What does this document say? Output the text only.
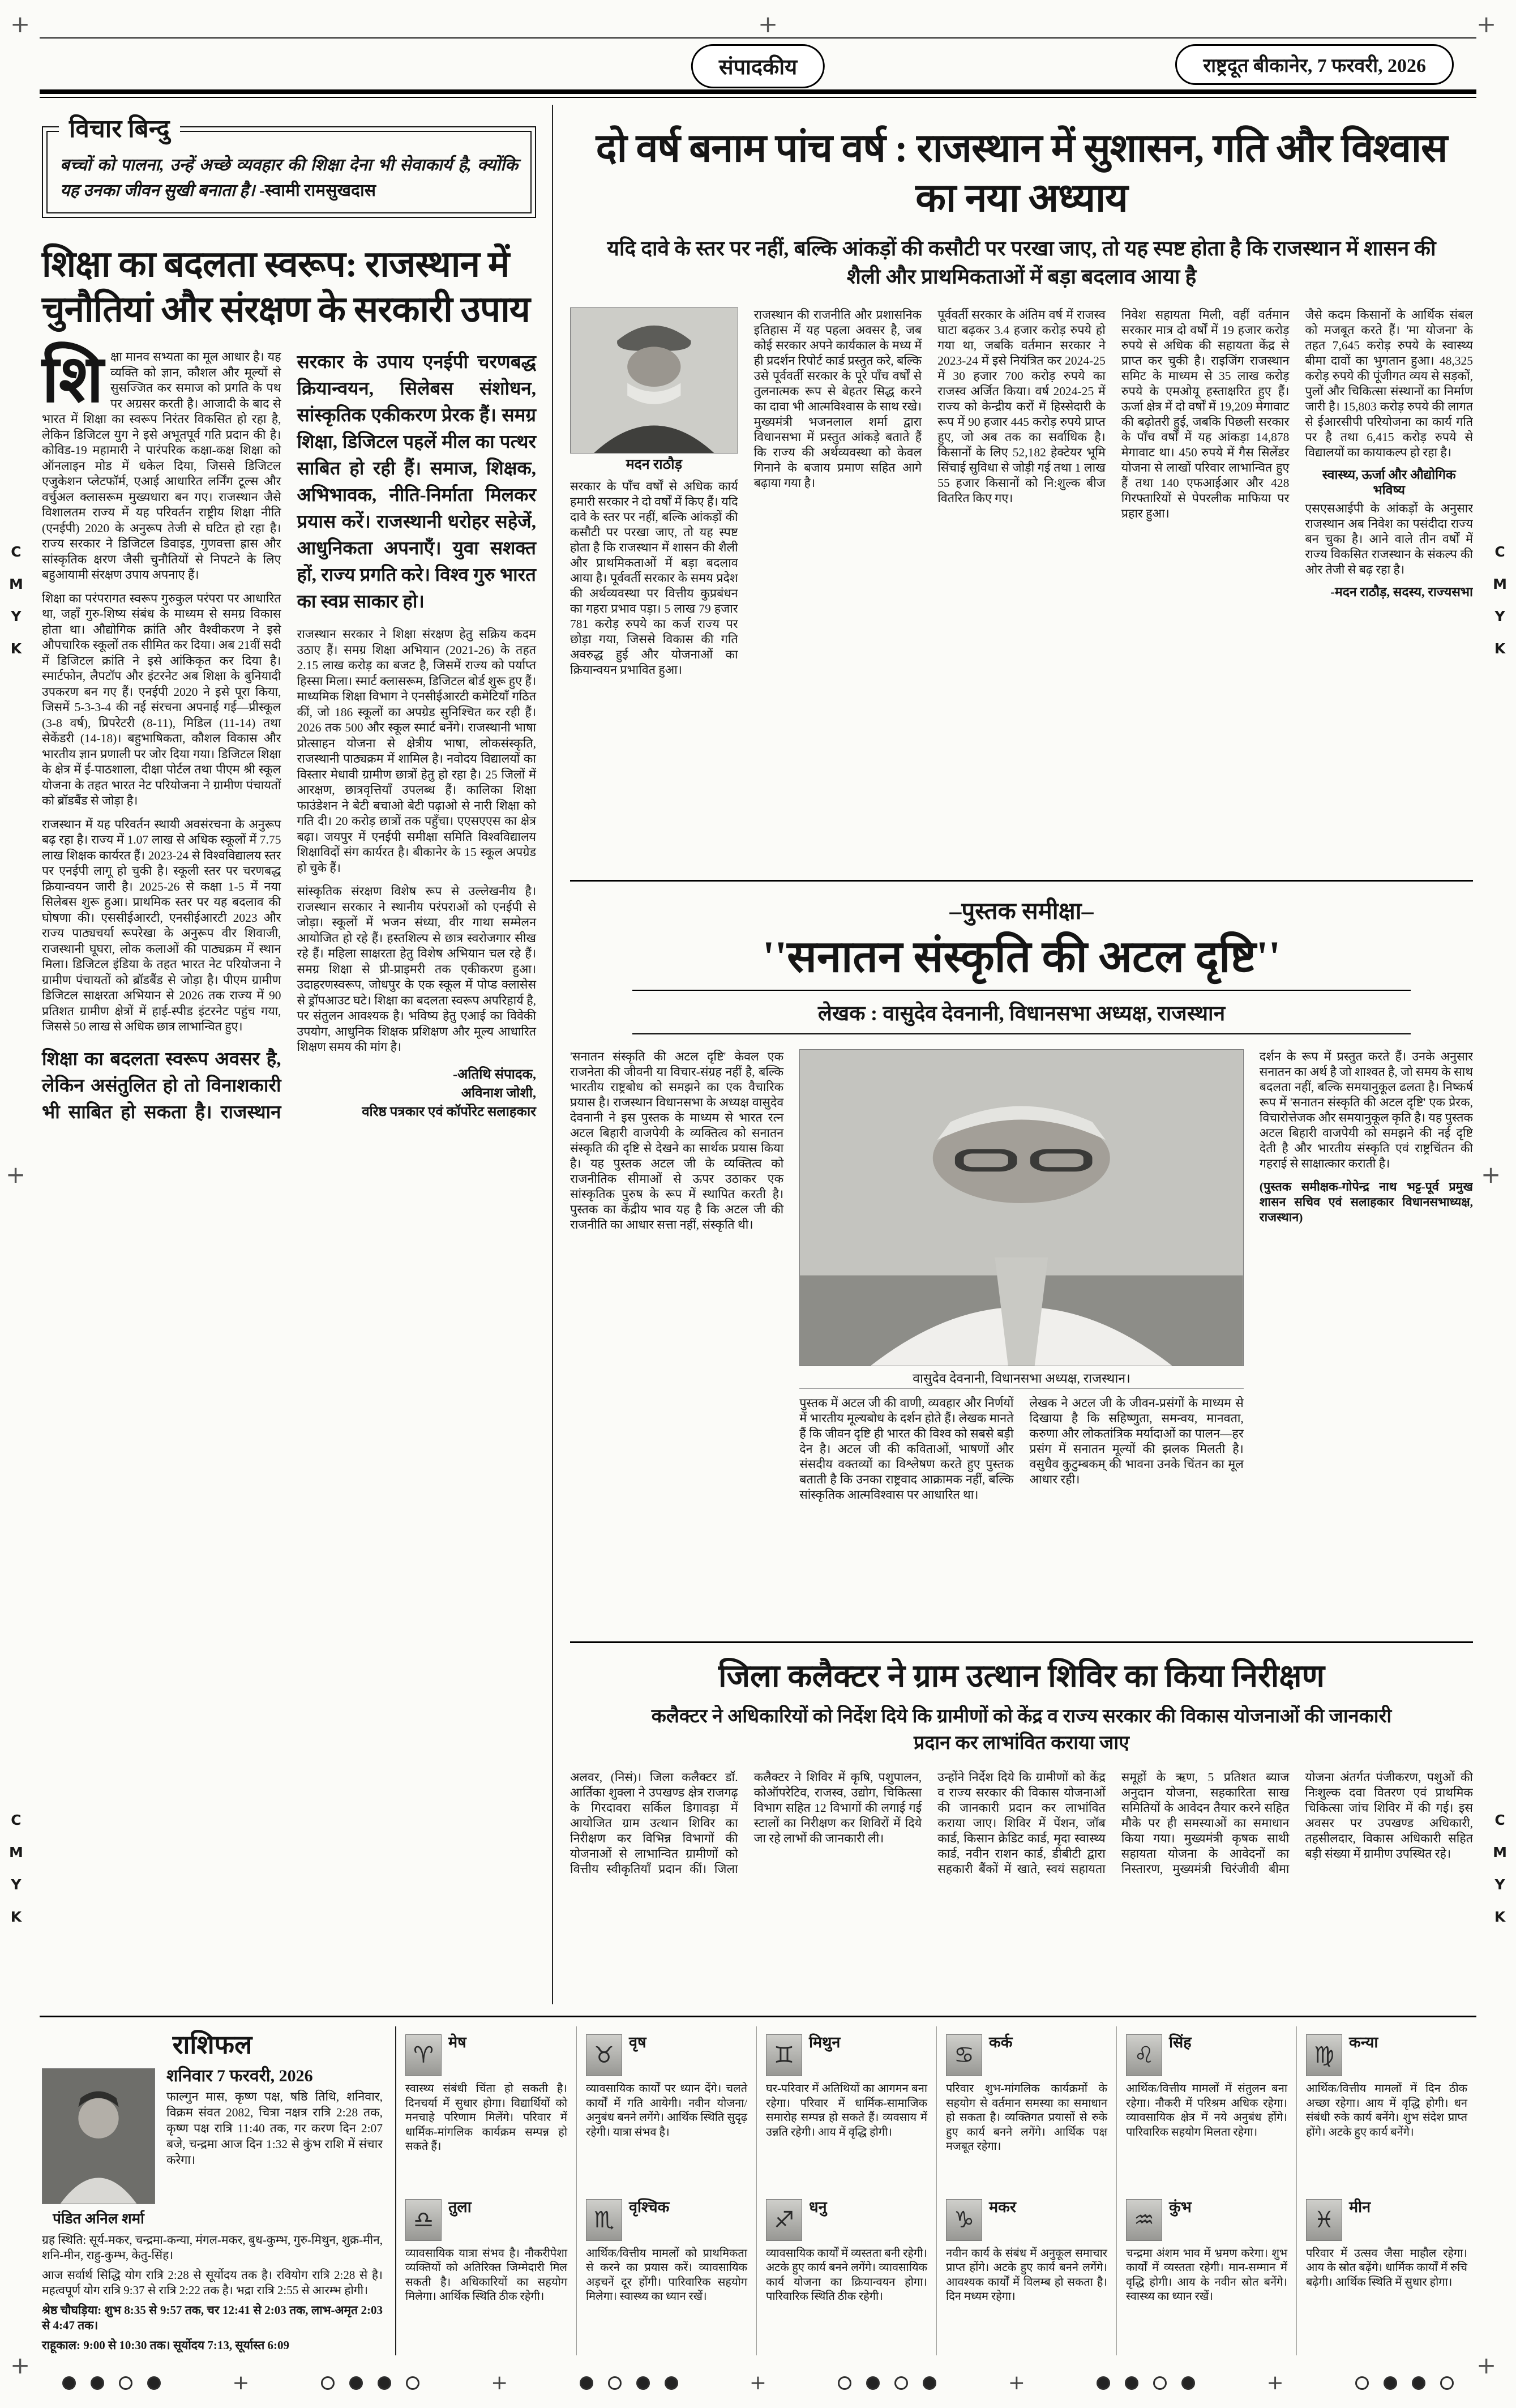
+
+
+
+
+
+
+
C
M
Y
K
C
M
Y
K
C
M
Y
K
C
M
Y
K
संपादकीय	राष्ट्रदूत बीकानेर, 7 फरवरी, 2026
विचार बिन्दु
बच्चों को पालना, उन्हें अच्छे व्यवहार की शिक्षा देना भी सेवाकार्य है, क्योंकि यह उनका जीवन सुखी बनाता है। -स्वामी रामसुखदास
शिक्षा का बदलता स्वरूप: राजस्थान में चुनौतियां और संरक्षण के सरकारी उपाय

शिक्षा मानव सभ्यता का मूल आधार है। यह व्यक्ति को ज्ञान, कौशल और मूल्यों से सुसज्जित कर समाज को प्रगति के पथ पर अग्रसर करती है। आजादी के बाद से भारत में शिक्षा का स्वरूप निरंतर विकसित हो रहा है, लेकिन डिजिटल युग ने इसे अभूतपूर्व गति प्रदान की है। कोविड-19 महामारी ने पारंपरिक कक्षा-कक्ष शिक्षा को ऑनलाइन मोड में धकेल दिया, जिससे डिजिटल एजुकेशन प्लेटफॉर्म, एआई आधारित लर्निंग टूल्स और वर्चुअल क्लासरूम मुख्यधारा बन गए। राजस्थान जैसे विशालतम राज्य में यह परिवर्तन राष्ट्रीय शिक्षा नीति (एनईपी) 2020 के अनुरूप तेजी से घटित हो रहा है। राज्य सरकार ने डिजिटल डिवाइड, गुणवत्ता ह्रास और सांस्कृतिक क्षरण जैसी चुनौतियों से निपटने के लिए बहुआयामी संरक्षण उपाय अपनाए हैं।

शिक्षा का परंपरागत स्वरूप गुरुकुल परंपरा पर आधारित था, जहाँ गुरु-शिष्य संबंध के माध्यम से समग्र विकास होता था। औद्योगिक क्रांति और वैश्वीकरण ने इसे औपचारिक स्कूलों तक सीमित कर दिया। अब 21वीं सदी में डिजिटल क्रांति ने इसे आंकिकृत कर दिया है। स्मार्टफोन, लैपटॉप और इंटरनेट अब शिक्षा के बुनियादी उपकरण बन गए हैं। एनईपी 2020 ने इसे पूरा किया, जिसमें 5-3-3-4 की नई संरचना अपनाई गई—प्रीस्कूल (3-8 वर्ष), प्रिपरेटरी (8-11), मिडिल (11-14) तथा सेकेंडरी (14-18)। बहुभाषिकता, कौशल विकास और भारतीय ज्ञान प्रणाली पर जोर दिया गया। डिजिटल शिक्षा के क्षेत्र में ई-पाठशाला, दीक्षा पोर्टल तथा पीएम श्री स्कूल योजना के तहत भारत नेट परियोजना ने ग्रामीण पंचायतों को ब्रॉडबैंड से जोड़ा है।

राजस्थान में यह परिवर्तन स्थायी अवसंरचना के अनुरूप बढ़ रहा है। राज्य में 1.07 लाख से अधिक स्कूलों में 7.75 लाख शिक्षक कार्यरत हैं। 2023-24 से विश्वविद्यालय स्तर पर एनईपी लागू हो चुकी है। स्कूली स्तर पर चरणबद्ध क्रियान्वयन जारी है। 2025-26 से कक्षा 1-5 में नया सिलेबस शुरू हुआ। प्राथमिक स्तर पर यह बदलाव की घोषणा की। एससीईआरटी, एनसीईआरटी 2023 और राज्य पाठ्यचर्या रूपरेखा के अनुरूप वीर शिवाजी, राजस्थानी घूघरा, लोक कलाओं की पाठ्यक्रम में स्थान मिला। डिजिटल इंडिया के तहत भारत नेट परियोजना ने ग्रामीण पंचायतों को ब्रॉडबैंड से जोड़ा है। पीएम ग्रामीण डिजिटल साक्षरता अभियान से 2026 तक राज्य में 90 प्रतिशत ग्रामीण क्षेत्रों में हाई-स्पीड इंटरनेट पहुंच गया, जिससे 50 लाख से अधिक छात्र लाभान्वित हुए।

शिक्षा का बदलता स्वरूप अवसर है, लेकिन असंतुलित हो तो विनाशकारी भी साबित हो सकता है। राजस्थान सरकार के उपाय एनईपी चरणबद्ध क्रियान्वयन, सिलेबस संशोधन, सांस्कृतिक एकीकरण प्रेरक हैं। समग्र शिक्षा, डिजिटल पहलें मील का पत्थर साबित हो रही हैं। समाज, शिक्षक, अभिभावक, नीति-निर्माता मिलकर प्रयास करें। राजस्थानी धरोहर सहेजें, आधुनिकता अपनाएँ। युवा सशक्त हों, राज्य प्रगति करे। विश्व गुरु भारत का स्वप्न साकार हो।

राजस्थान सरकार ने शिक्षा संरक्षण हेतु सक्रिय कदम उठाए हैं। समग्र शिक्षा अभियान (2021-26) के तहत 2.15 लाख करोड़ का बजट है, जिसमें राज्य को पर्याप्त हिस्सा मिला। स्मार्ट क्लासरूम, डिजिटल बोर्ड शुरू हुए हैं। माध्यमिक शिक्षा विभाग ने एनसीईआरटी कमेटियाँ गठित कीं, जो 186 स्कूलों का अपग्रेड सुनिश्चित कर रही हैं। 2026 तक 500 और स्कूल स्मार्ट बनेंगे। राजस्थानी भाषा प्रोत्साहन योजना से क्षेत्रीय भाषा, लोकसंस्कृति, राजस्थानी पाठ्यक्रम में शामिल है। नवोदय विद्यालयों का विस्तार मेधावी ग्रामीण छात्रों हेतु हो रहा है। 25 जिलों में आरक्षण, छात्रवृत्तियाँ उपलब्ध हैं। कालिका शिक्षा फाउंडेशन ने बेटी बचाओ बेटी पढ़ाओ से नारी शिक्षा को गति दी। 20 करोड़ छात्रों तक पहुँचा। एएसएएस का क्षेत्र बढ़ा। जयपुर में एनईपी समीक्षा समिति विश्वविद्यालय शिक्षाविदों संग कार्यरत है। बीकानेर के 15 स्कूल अपग्रेड हो चुके हैं।

सांस्कृतिक संरक्षण विशेष रूप से उल्लेखनीय है। राजस्थान सरकार ने स्थानीय परंपराओं को एनईपी से जोड़ा। स्कूलों में भजन संध्या, वीर गाथा सम्मेलन आयोजित हो रहे हैं। हस्तशिल्प से छात्र स्वरोजगार सीख रहे हैं। महिला साक्षरता हेतु विशेष अभियान चल रहे हैं। समग्र शिक्षा से प्री-प्राइमरी तक एकीकरण हुआ। उदाहरणस्वरूप, जोधपुर के एक स्कूल में पोप्ड क्लासेस से ड्रॉपआउट घटे। शिक्षा का बदलता स्वरूप अपरिहार्य है, पर संतुलन आवश्यक है। भविष्य हेतु एआई का विवेकी उपयोग, आधुनिक शिक्षक प्रशिक्षण और मूल्य आधारित शिक्षण समय की मांग है।

-अतिथि संपादक,
अविनाश जोशी,
वरिष्ठ पत्रकार एवं कॉर्पोरेट सलाहकार
दो वर्ष बनाम पांच वर्ष : राजस्थान में सुशासन, गति और विश्वास का नया अध्याय
यदि दावे के स्तर पर नहीं, बल्कि आंकड़ों की कसौटी पर परखा जाए, तो यह स्पष्ट होता है कि राजस्थान में शासन की शैली और प्राथमिकताओं में बड़ा बदलाव आया है
मदन राठौड़

सरकार के पाँच वर्षों से अधिक कार्य हमारी सरकार ने दो वर्षों में किए हैं। यदि दावे के स्तर पर नहीं, बल्कि आंकड़ों की कसौटी पर परखा जाए, तो यह स्पष्ट होता है कि राजस्थान में शासन की शैली और प्राथमिकताओं में बड़ा बदलाव आया है। पूर्ववर्ती सरकार के समय प्रदेश की अर्थव्यवस्था पर वित्तीय कुप्रबंधन का गहरा प्रभाव पड़ा। 5 लाख 79 हजार 781 करोड़ रुपये का कर्ज राज्य पर छोड़ा गया, जिससे विकास की गति अवरुद्ध हुई और योजनाओं का क्रियान्वयन प्रभावित हुआ।

राजस्थान की राजनीति और प्रशासनिक इतिहास में यह पहला अवसर है, जब कोई सरकार अपने कार्यकाल के मध्य में ही प्रदर्शन रिपोर्ट कार्ड प्रस्तुत करे, बल्कि उसे पूर्ववर्ती सरकार के पूरे पाँच वर्षों से तुलनात्मक रूप से बेहतर सिद्ध करने का दावा भी आत्मविश्वास के साथ रखे। मुख्यमंत्री भजनलाल शर्मा द्वारा विधानसभा में प्रस्तुत आंकड़े बताते हैं कि राज्य की अर्थव्यवस्था को केवल गिनाने के बजाय प्रमाण सहित आगे बढ़ाया गया है।

पूर्ववर्ती सरकार के अंतिम वर्ष में राजस्व घाटा बढ़कर 3.4 हजार करोड़ रुपये हो गया था, जबकि वर्तमान सरकार ने 2023-24 में इसे नियंत्रित कर 2024-25 में 30 हजार 700 करोड़ रुपये का राजस्व अर्जित किया। वर्ष 2024-25 में राज्य को केन्द्रीय करों में हिस्सेदारी के रूप में 90 हजार 445 करोड़ रुपये प्राप्त हुए, जो अब तक का सर्वाधिक है। किसानों के लिए 52,182 हेक्टेयर भूमि सिंचाई सुविधा से जोड़ी गई तथा 1 लाख 55 हजार किसानों को नि:शुल्क बीज वितरित किए गए।

निवेश सहायता मिली, वहीं वर्तमान सरकार मात्र दो वर्षों में 19 हजार करोड़ रुपये से अधिक की सहायता केंद्र से प्राप्त कर चुकी है। राइजिंग राजस्थान समिट के माध्यम से 35 लाख करोड़ रुपये के एमओयू हस्ताक्षरित हुए हैं। ऊर्जा क्षेत्र में दो वर्षों में 19,209 मेगावाट की बढ़ोतरी हुई, जबकि पिछली सरकार के पाँच वर्षों में यह आंकड़ा 14,878 मेगावाट था। 450 रुपये में गैस सिलेंडर योजना से लाखों परिवार लाभान्वित हुए हैं तथा 140 एफआईआर और 428 गिरफ्तारियों से पेपरलीक माफिया पर प्रहार हुआ।

जैसे कदम किसानों के आर्थिक संबल को मजबूत करते हैं। 'मा योजना' के तहत 7,645 करोड़ रुपये के स्वास्थ्य बीमा दावों का भुगतान हुआ। 48,325 करोड़ रुपये की पूंजीगत व्यय से सड़कों, पुलों और चिकित्सा संस्थानों का निर्माण जारी है। 15,803 करोड़ रुपये की लागत से ईआरसीपी परियोजना का कार्य गति पर है तथा 6,415 करोड़ रुपये से विद्यालयों का कायाकल्प हो रहा है।

स्वास्थ्य, ऊर्जा और औद्योगिक भविष्य

एसएसआईपी के आंकड़ों के अनुसार राजस्थान अब निवेश का पसंदीदा राज्य बन चुका है। आने वाले तीन वर्षों में राज्य विकसित राजस्थान के संकल्प की ओर तेजी से बढ़ रहा है।

-मदन राठौड़, सदस्य, राज्यसभा
–पुस्तक समीक्षा–
''सनातन संस्कृति की अटल दृष्टि''
लेखक : वासुदेव देवनानी, विधानसभा अध्यक्ष, राजस्थान

'सनातन संस्कृति की अटल दृष्टि' केवल एक राजनेता की जीवनी या विचार-संग्रह नहीं है, बल्कि भारतीय राष्ट्रबोध को समझने का एक वैचारिक प्रयास है। राजस्थान विधानसभा के अध्यक्ष वासुदेव देवनानी ने इस पुस्तक के माध्यम से भारत रत्न अटल बिहारी वाजपेयी के व्यक्तित्व को सनातन संस्कृति की दृष्टि से देखने का सार्थक प्रयास किया है। यह पुस्तक अटल जी के व्यक्तित्व को राजनीतिक सीमाओं से ऊपर उठाकर एक सांस्कृतिक पुरुष के रूप में स्थापित करती है। पुस्तक का केंद्रीय भाव यह है कि अटल जी की राजनीति का आधार सत्ता नहीं, संस्कृति थी।

वासुदेव देवनानी, विधानसभा अध्यक्ष, राजस्थान।

पुस्तक में अटल जी की वाणी, व्यवहार और निर्णयों में भारतीय मूल्यबोध के दर्शन होते हैं। लेखक मानते हैं कि जीवन दृष्टि ही भारत की विश्व को सबसे बड़ी देन है। अटल जी की कविताओं, भाषणों और संसदीय वक्तव्यों का विश्लेषण करते हुए पुस्तक बताती है कि उनका राष्ट्रवाद आक्रामक नहीं, बल्कि सांस्कृतिक आत्मविश्वास पर आधारित था।

लेखक ने अटल जी के जीवन-प्रसंगों के माध्यम से दिखाया है कि सहिष्णुता, समन्वय, मानवता, करुणा और लोकतांत्रिक मर्यादाओं का पालन—हर प्रसंग में सनातन मूल्यों की झलक मिलती है। वसुधैव कुटुम्बकम् की भावना उनके चिंतन का मूल आधार रही।

दर्शन के रूप में प्रस्तुत करते हैं। उनके अनुसार सनातन का अर्थ है जो शाश्वत है, जो समय के साथ बदलता नहीं, बल्कि समयानुकूल ढलता है। निष्कर्ष रूप में 'सनातन संस्कृति की अटल दृष्टि' एक प्रेरक, विचारोत्तेजक और समयानुकूल कृति है। यह पुस्तक अटल बिहारी वाजपेयी को समझने की नई दृष्टि देती है और भारतीय संस्कृति एवं राष्ट्रचिंतन की गहराई से साक्षात्कार कराती है।

(पुस्तक समीक्षक-गोपेन्द्र नाथ भट्ट-पूर्व प्रमुख शासन सचिव एवं सलाहकार विधानसभाध्यक्ष, राजस्थान)

जिला कलैक्टर ने ग्राम उत्थान शिविर का किया निरीक्षण
कलैक्टर ने अधिकारियों को निर्देश दिये कि ग्रामीणों को केंद्र व राज्य सरकार की विकास योजनाओं की जानकारी प्रदान कर लाभांवित कराया जाए

अलवर, (निसं)। जिला कलैक्टर डॉ. आर्तिका शुक्ला ने उपखण्ड क्षेत्र राजगढ़ के गिरदावरा सर्किल डिगावड़ा में आयोजित ग्राम उत्थान शिविर का निरीक्षण कर विभिन्न विभागों की योजनाओं से लाभान्वित ग्रामीणों को वित्तीय स्वीकृतियाँ प्रदान कीं। जिला कलैक्टर ने शिविर में कृषि, पशुपालन, कोऑपरेटिव, राजस्व, उद्योग, चिकित्सा विभाग सहित 12 विभागों की लगाई गई स्टालों का निरीक्षण कर शिविरों में दिये जा रहे लाभों की जानकारी ली।

उन्होंने निर्देश दिये कि ग्रामीणों को केंद्र व राज्य सरकार की विकास योजनाओं की जानकारी प्रदान कर लाभांवित कराया जाए। शिविर में पेंशन, जॉब कार्ड, किसान क्रेडिट कार्ड, मृदा स्वास्थ्य कार्ड, नवीन राशन कार्ड, डीबीटी द्वारा सहकारी बैंकों में खाते, स्वयं सहायता समूहों के ऋण, 5 प्रतिशत ब्याज अनुदान योजना, सहकारिता साख समितियों के आवेदन तैयार करने सहित मौके पर ही समस्याओं का समाधान किया गया। मुख्यमंत्री कृषक साथी सहायता योजना के आवेदनों का निस्तारण, मुख्यमंत्री चिरंजीवी बीमा योजना अंतर्गत पंजीकरण, पशुओं की निःशुल्क दवा वितरण एवं प्राथमिक चिकित्सा जांच शिविर में की गई। इस अवसर पर उपखण्ड अधिकारी, तहसीलदार, विकास अधिकारी सहित बड़ी संख्या में ग्रामीण उपस्थित रहे।

राशिफल
शनिवार 7 फरवरी, 2026
फाल्गुन मास, कृष्ण पक्ष, षष्ठि तिथि, शनिवार, विक्रम संवत 2082, चित्रा नक्षत्र रात्रि 2:28 तक, कृष्ण पक्ष रात्रि 11:40 तक, गर करण दिन 2:07 बजे, चन्द्रमा आज दिन 1:32 से कुंभ राशि में संचार करेगा।
पंडित अनिल शर्मा
ग्रह स्थिति: सूर्य-मकर, चन्द्रमा-कन्या, मंगल-मकर, बुध-कुम्भ, गुरु-मिथुन, शुक्र-मीन, शनि-मीन, राहु-कुम्भ, केतु-सिंह।
आज सर्वार्थ सिद्धि योग रात्रि 2:28 से सूर्योदय तक है। रवियोग रात्रि 2:28 से है। महत्वपूर्ण योग रात्रि 9:37 से रात्रि 2:22 तक है। भद्रा रात्रि 2:55 से आरम्भ होगी।
श्रेष्ठ चौघड़िया: शुभ 8:35 से 9:57 तक, चर 12:41 से 2:03 तक, लाभ-अमृत 2:03 से 4:47 तक।
राहूकाल: 9:00 से 10:30 तक। सूर्योदय 7:13, सूर्यास्त 6:09
♈ मेष
स्वास्थ्य संबंधी चिंता हो सकती है। दिनचर्या में सुधार होगा। विद्यार्थियों को मनचाहे परिणाम मिलेंगे। परिवार में धार्मिक-मांगलिक कार्यक्रम सम्पन्न हो सकते हैं।
♉ वृष
व्यावसायिक कार्यों पर ध्यान देंगे। चलते कार्यों में गति आयेगी। नवीन योजना/अनुबंध बनने लगेंगे। आर्थिक स्थिति सुदृढ़ रहेगी। यात्रा संभव है।
♊ मिथुन
घर-परिवार में अतिथियों का आगमन बना रहेगा। परिवार में धार्मिक-सामाजिक समारोह सम्पन्न हो सकते हैं। व्यवसाय में उन्नति रहेगी। आय में वृद्धि होगी।
♋ कर्क
परिवार शुभ-मांगलिक कार्यक्रमों के सहयोग से वर्तमान समस्या का समाधान हो सकता है। व्यक्तिगत प्रयासों से रुके हुए कार्य बनने लगेंगे। आर्थिक पक्ष मजबूत रहेगा।
♌ सिंह
आर्थिक/वित्तीय मामलों में संतुलन बना रहेगा। नौकरी में परिश्रम अधिक रहेगा। व्यावसायिक क्षेत्र में नये अनुबंध होंगे। पारिवारिक सहयोग मिलता रहेगा।
♍ कन्या
आर्थिक/वित्तीय मामलों में दिन ठीक अच्छा रहेगा। आय में वृद्धि होगी। धन संबंधी रुके कार्य बनेंगे। शुभ संदेश प्राप्त होंगे। अटके हुए कार्य बनेंगे।
♎ तुला
व्यावसायिक यात्रा संभव है। नौकरीपेशा व्यक्तियों को अतिरिक्त जिम्मेदारी मिल सकती है। अधिकारियों का सहयोग मिलेगा। आर्थिक स्थिति ठीक रहेगी।
♏ वृश्चिक
आर्थिक/वित्तीय मामलों को प्राथमिकता से करने का प्रयास करें। व्यावसायिक अड़चनें दूर होंगी। पारिवारिक सहयोग मिलेगा। स्वास्थ्य का ध्यान रखें।
♐ धनु
व्यावसायिक कार्यों में व्यस्तता बनी रहेगी। अटके हुए कार्य बनने लगेंगे। व्यावसायिक कार्य योजना का क्रियान्वयन होगा। पारिवारिक स्थिति ठीक रहेगी।
♑ मकर
नवीन कार्य के संबंध में अनुकूल समाचार प्राप्त होंगे। अटके हुए कार्य बनने लगेंगे। आवश्यक कार्यों में विलम्ब हो सकता है। दिन मध्यम रहेगा।
♒ कुंभ
चन्द्रमा अंशम भाव में भ्रमण करेगा। शुभ कार्यों में व्यस्तता रहेगी। मान-सम्मान में वृद्धि होगी। आय के नवीन स्रोत बनेंगे। स्वास्थ्य का ध्यान रखें।
♓ मीन
परिवार में उत्सव जैसा माहौल रहेगा। आय के स्रोत बढ़ेंगे। धार्मिक कार्यों में रुचि बढ़ेगी। आर्थिक स्थिति में सुधार होगा।
+
+
+
+
+
